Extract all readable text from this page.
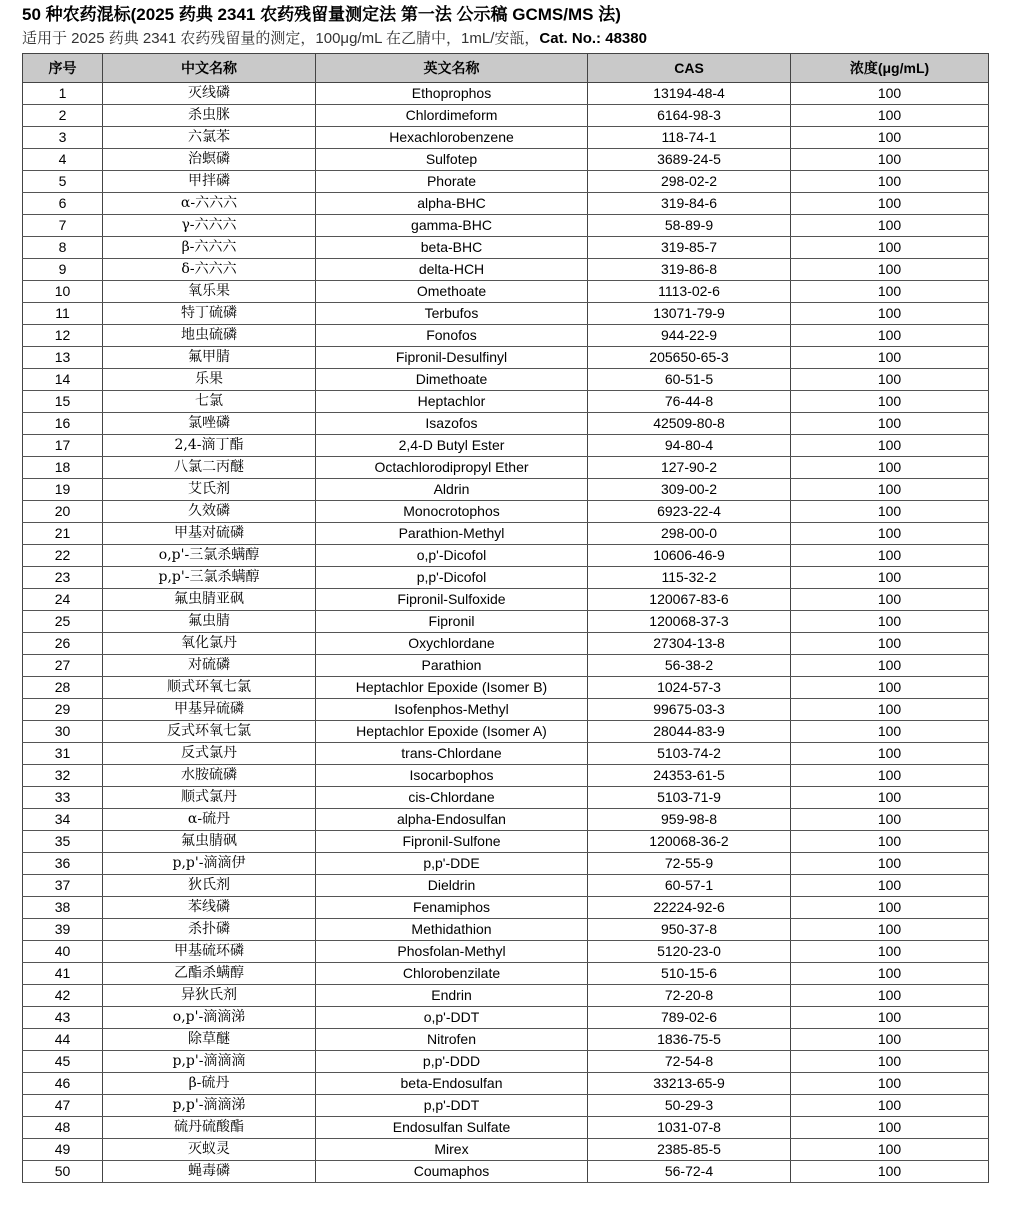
50 种农药混标(2025 药典 2341 农药残留量测定法 第一法 公示稿 GCMS/MS 法)
适用于 2025 药典 2341 农药残留量的测定，100μg/mL 在乙腈中，1mL/安瓿，Cat. No.: 48380
序号	中文名称	英文名称	CAS	浓度(μg/mL)
1	灭线磷	Ethoprophos	13194-48-4	100
2	杀虫脒	Chlordimeform	6164-98-3	100
3	六氯苯	Hexachlorobenzene	118-74-1	100
4	治螟磷	Sulfotep	3689-24-5	100
5	甲拌磷	Phorate	298-02-2	100
6	α-六六六	alpha-BHC	319-84-6	100
7	γ-六六六	gamma-BHC	58-89-9	100
8	β-六六六	beta-BHC	319-85-7	100
9	δ-六六六	delta-HCH	319-86-8	100
10	氧乐果	Omethoate	1113-02-6	100
11	特丁硫磷	Terbufos	13071-79-9	100
12	地虫硫磷	Fonofos	944-22-9	100
13	氟甲腈	Fipronil-Desulfinyl	205650-65-3	100
14	乐果	Dimethoate	60-51-5	100
15	七氯	Heptachlor	76-44-8	100
16	氯唑磷	Isazofos	42509-80-8	100
17	2,4-滴丁酯	2,4-D Butyl Ester	94-80-4	100
18	八氯二丙醚	Octachlorodipropyl Ether	127-90-2	100
19	艾氏剂	Aldrin	309-00-2	100
20	久效磷	Monocrotophos	6923-22-4	100
21	甲基对硫磷	Parathion-Methyl	298-00-0	100
22	o,p'-三氯杀螨醇	o,p'-Dicofol	10606-46-9	100
23	p,p'-三氯杀螨醇	p,p'-Dicofol	115-32-2	100
24	氟虫腈亚砜	Fipronil-Sulfoxide	120067-83-6	100
25	氟虫腈	Fipronil	120068-37-3	100
26	氧化氯丹	Oxychlordane	27304-13-8	100
27	对硫磷	Parathion	56-38-2	100
28	顺式环氧七氯	Heptachlor Epoxide (Isomer B)	1024-57-3	100
29	甲基异硫磷	Isofenphos-Methyl	99675-03-3	100
30	反式环氧七氯	Heptachlor Epoxide (Isomer A)	28044-83-9	100
31	反式氯丹	trans-Chlordane	5103-74-2	100
32	水胺硫磷	Isocarbophos	24353-61-5	100
33	顺式氯丹	cis-Chlordane	5103-71-9	100
34	α-硫丹	alpha-Endosulfan	959-98-8	100
35	氟虫腈砜	Fipronil-Sulfone	120068-36-2	100
36	p,p'-滴滴伊	p,p'-DDE	72-55-9	100
37	狄氏剂	Dieldrin	60-57-1	100
38	苯线磷	Fenamiphos	22224-92-6	100
39	杀扑磷	Methidathion	950-37-8	100
40	甲基硫环磷	Phosfolan-Methyl	5120-23-0	100
41	乙酯杀螨醇	Chlorobenzilate	510-15-6	100
42	异狄氏剂	Endrin	72-20-8	100
43	o,p'-滴滴涕	o,p'-DDT	789-02-6	100
44	除草醚	Nitrofen	1836-75-5	100
45	p,p'-滴滴滴	p,p'-DDD	72-54-8	100
46	β-硫丹	beta-Endosulfan	33213-65-9	100
47	p,p'-滴滴涕	p,p'-DDT	50-29-3	100
48	硫丹硫酸酯	Endosulfan Sulfate	1031-07-8	100
49	灭蚁灵	Mirex	2385-85-5	100
50	蝇毒磷	Coumaphos	56-72-4	100
